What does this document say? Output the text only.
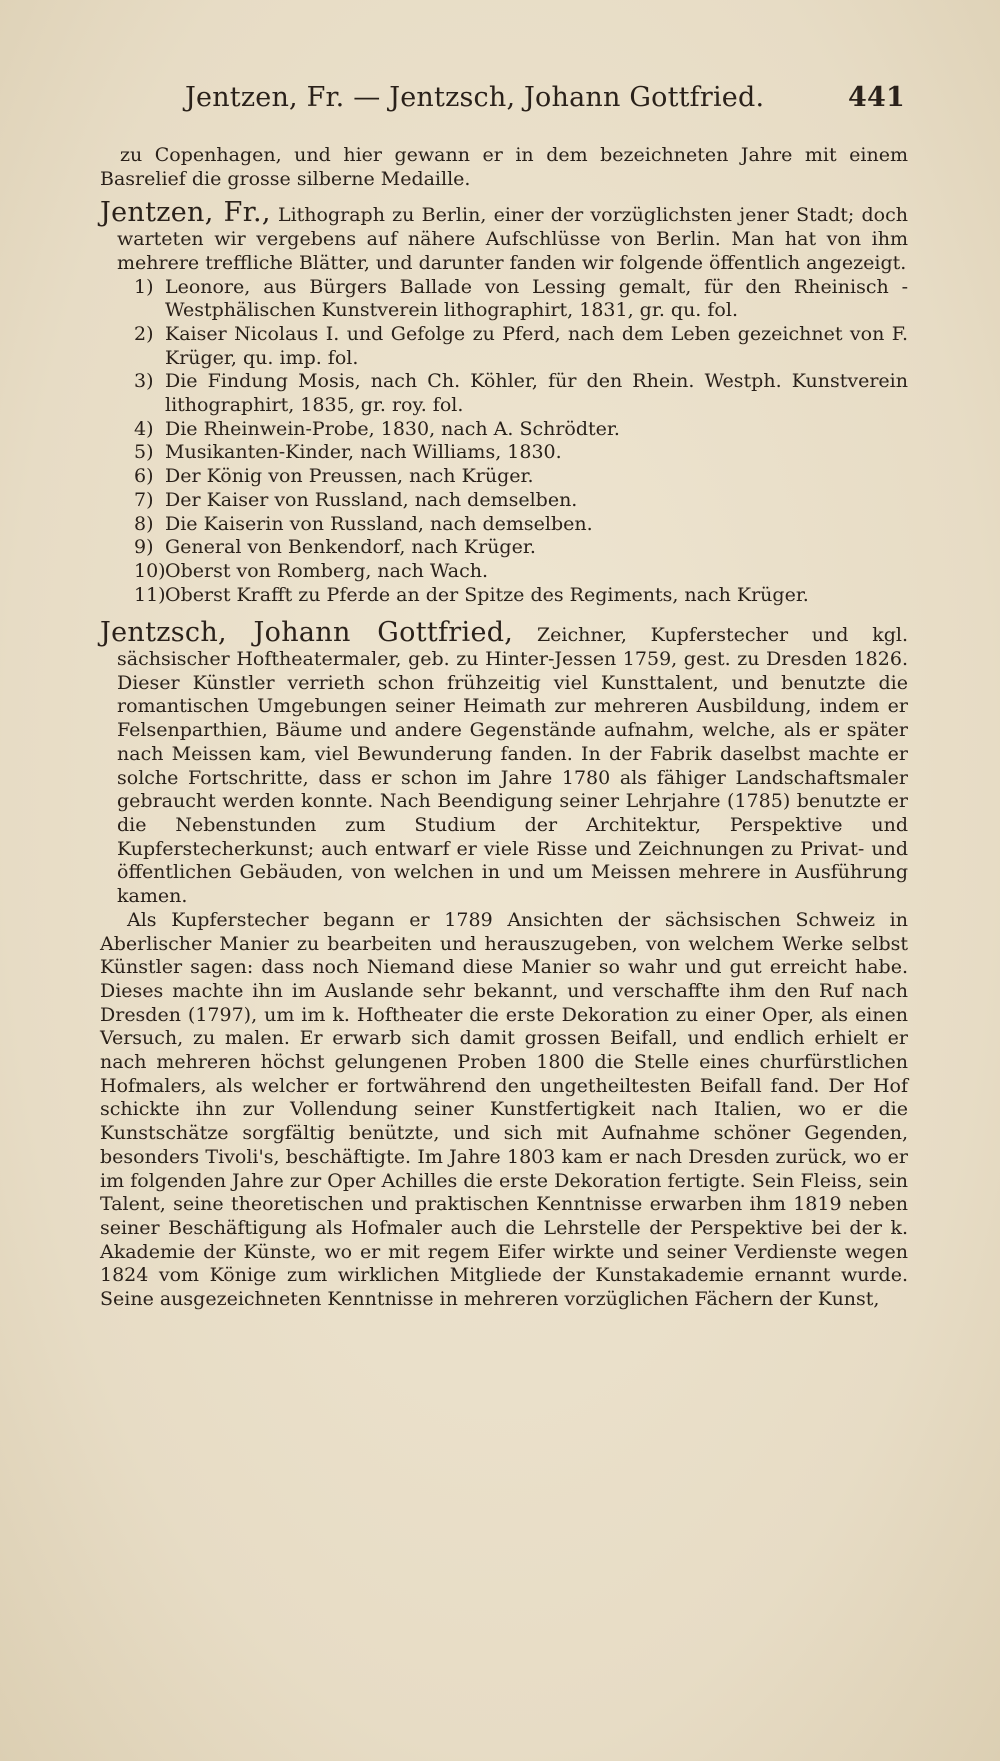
Jentzen, Fr. — Jentzsch, Johann Gottfried.	441

zu Copenhagen, und hier gewann er in dem bezeichneten Jahre mit einem Basrelief die grosse silberne Medaille.

Jentzen, Fr., Lithograph zu Berlin, einer der vorzüglichsten jener Stadt; doch warteten wir vergebens auf nähere Aufschlüsse von Berlin. Man hat von ihm mehrere treffliche Blätter, und darunter fanden wir folgende öffentlich angezeigt.

1) Leonore, aus Bürgers Ballade von Lessing gemalt, für den Rheinisch - Westphälischen Kunstverein lithographirt, 1831, gr. qu. fol.
2) Kaiser Nicolaus I. und Gefolge zu Pferd, nach dem Leben gezeichnet von F. Krüger, qu. imp. fol.
3) Die Findung Mosis, nach Ch. Köhler, für den Rhein. Westph. Kunstverein lithographirt, 1835, gr. roy. fol.
4) Die Rheinwein-Probe, 1830, nach A. Schrödter.
5) Musikanten-Kinder, nach Williams, 1830.
6) Der König von Preussen, nach Krüger.
7) Der Kaiser von Russland, nach demselben.
8) Die Kaiserin von Russland, nach demselben.
9) General von Benkendorf, nach Krüger.
10) Oberst von Romberg, nach Wach.
11) Oberst Krafft zu Pferde an der Spitze des Regiments, nach Krüger.

Jentzsch, Johann Gottfried, Zeichner, Kupferstecher und kgl. sächsischer Hoftheatermaler, geb. zu Hinter-Jessen 1759, gest. zu Dresden 1826. Dieser Künstler verrieth schon frühzeitig viel Kunsttalent, und benutzte die romantischen Umgebungen seiner Heimath zur mehreren Ausbildung, indem er Felsenparthien, Bäume und andere Gegenstände aufnahm, welche, als er später nach Meissen kam, viel Bewunderung fanden. In der Fabrik daselbst machte er solche Fortschritte, dass er schon im Jahre 1780 als fähiger Landschaftsmaler gebraucht werden konnte. Nach Beendigung seiner Lehrjahre (1785) benutzte er die Nebenstunden zum Studium der Architektur, Perspektive und Kupferstecherkunst; auch entwarf er viele Risse und Zeichnungen zu Privat- und öffentlichen Gebäuden, von welchen in und um Meissen mehrere in Ausführung kamen.

Als Kupferstecher begann er 1789 Ansichten der sächsischen Schweiz in Aberlischer Manier zu bearbeiten und herauszugeben, von welchem Werke selbst Künstler sagen: dass noch Niemand diese Manier so wahr und gut erreicht habe. Dieses machte ihn im Auslande sehr bekannt, und verschaffte ihm den Ruf nach Dresden (1797), um im k. Hoftheater die erste Dekoration zu einer Oper, als einen Versuch, zu malen. Er erwarb sich damit grossen Beifall, und endlich erhielt er nach mehreren höchst gelungenen Proben 1800 die Stelle eines churfürstlichen Hofmalers, als welcher er fortwährend den ungetheiltesten Beifall fand. Der Hof schickte ihn zur Vollendung seiner Kunstfertigkeit nach Italien, wo er die Kunstschätze sorgfältig benützte, und sich mit Aufnahme schöner Gegenden, besonders Tivoli's, beschäftigte. Im Jahre 1803 kam er nach Dresden zurück, wo er im folgenden Jahre zur Oper Achilles die erste Dekoration fertigte. Sein Fleiss, sein Talent, seine theoretischen und praktischen Kenntnisse erwarben ihm 1819 neben seiner Beschäftigung als Hofmaler auch die Lehrstelle der Perspektive bei der k. Akademie der Künste, wo er mit regem Eifer wirkte und seiner Verdienste wegen 1824 vom Könige zum wirklichen Mitgliede der Kunstakademie ernannt wurde. Seine ausgezeichneten Kenntnisse in mehreren vorzüglichen Fächern der Kunst,
